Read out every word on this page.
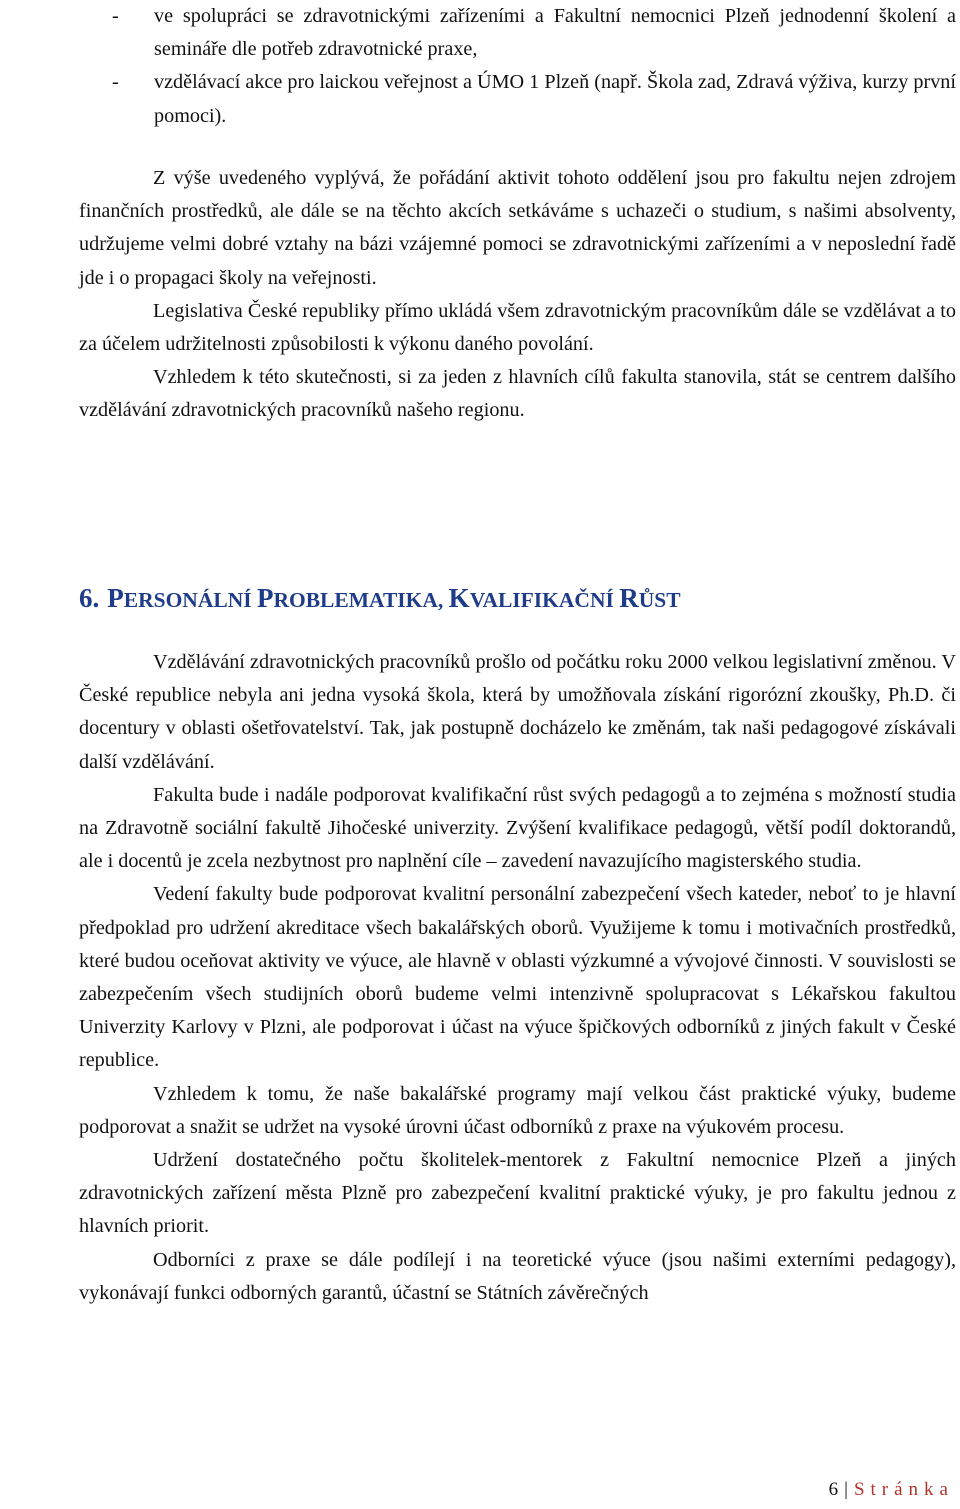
- ve spolupráci se zdravotnickými zařízeními a Fakultní nemocnici Plzeň jednodenní školení a semináře dle potřeb zdravotnické praxe,

- vzdělávací akce pro laickou veřejnost a ÚMO 1 Plzeň (např. Škola zad, Zdravá výživa, kurzy první pomoci).

Z výše uvedeného vyplývá, že pořádání aktivit tohoto oddělení jsou pro fakultu nejen zdrojem finančních prostředků, ale dále se na těchto akcích setkáváme s uchazeči o studium, s našimi absolventy, udržujeme velmi dobré vztahy na bázi vzájemné pomoci se zdravotnickými zařízeními a v neposlední řadě jde i o propagaci školy na veřejnosti.

Legislativa České republiky přímo ukládá všem zdravotnickým pracovníkům dále se vzdělávat a to za účelem udržitelnosti způsobilosti k výkonu daného povolání.

Vzhledem k této skutečnosti, si za jeden z hlavních cílů fakulta stanovila, stát se centrem dalšího vzdělávání zdravotnických pracovníků našeho regionu.

6. PERSONÁLNÍ PROBLEMATIKA, KVALIFIKAČNÍ RŮST

Vzdělávání zdravotnických pracovníků prošlo od počátku roku 2000 velkou legislativní změnou. V České republice nebyla ani jedna vysoká škola, která by umožňovala získání rigorózní zkoušky, Ph.D. či docentury v oblasti ošetřovatelství. Tak, jak postupně docházelo ke změnám, tak naši pedagogové získávali další vzdělávání.

Fakulta bude i nadále podporovat kvalifikační růst svých pedagogů a to zejména s možností studia na Zdravotně sociální fakultě Jihočeské univerzity. Zvýšení kvalifikace pedagogů, větší podíl doktorandů, ale i docentů je zcela nezbytnost pro naplnění cíle – zavedení navazujícího magisterského studia.

Vedení fakulty bude podporovat kvalitní personální zabezpečení všech kateder, neboť to je hlavní předpoklad pro udržení akreditace všech bakalářských oborů. Využijeme k tomu i motivačních prostředků, které budou oceňovat aktivity ve výuce, ale hlavně v oblasti výzkumné a vývojové činnosti. V souvislosti se zabezpečením všech studijních oborů budeme velmi intenzivně spolupracovat s Lékařskou fakultou Univerzity Karlovy v Plzni, ale podporovat i účast na výuce špičkových odborníků z jiných fakult v České republice.

Vzhledem k tomu, že naše bakalářské programy mají velkou část praktické výuky, budeme podporovat a snažit se udržet na vysoké úrovni účast odborníků z praxe na výukovém procesu.

Udržení dostatečného počtu školitelek-mentorek z Fakultní nemocnice Plzeň a jiných zdravotnických zařízení města Plzně pro zabezpečení kvalitní praktické výuky, je pro fakultu jednou z hlavních priorit.

Odborníci z praxe se dále podílejí i na teoretické výuce (jsou našimi externími pedagogy), vykonávají funkci odborných garantů, účastní se Státních závěrečných

6 | Stránka
